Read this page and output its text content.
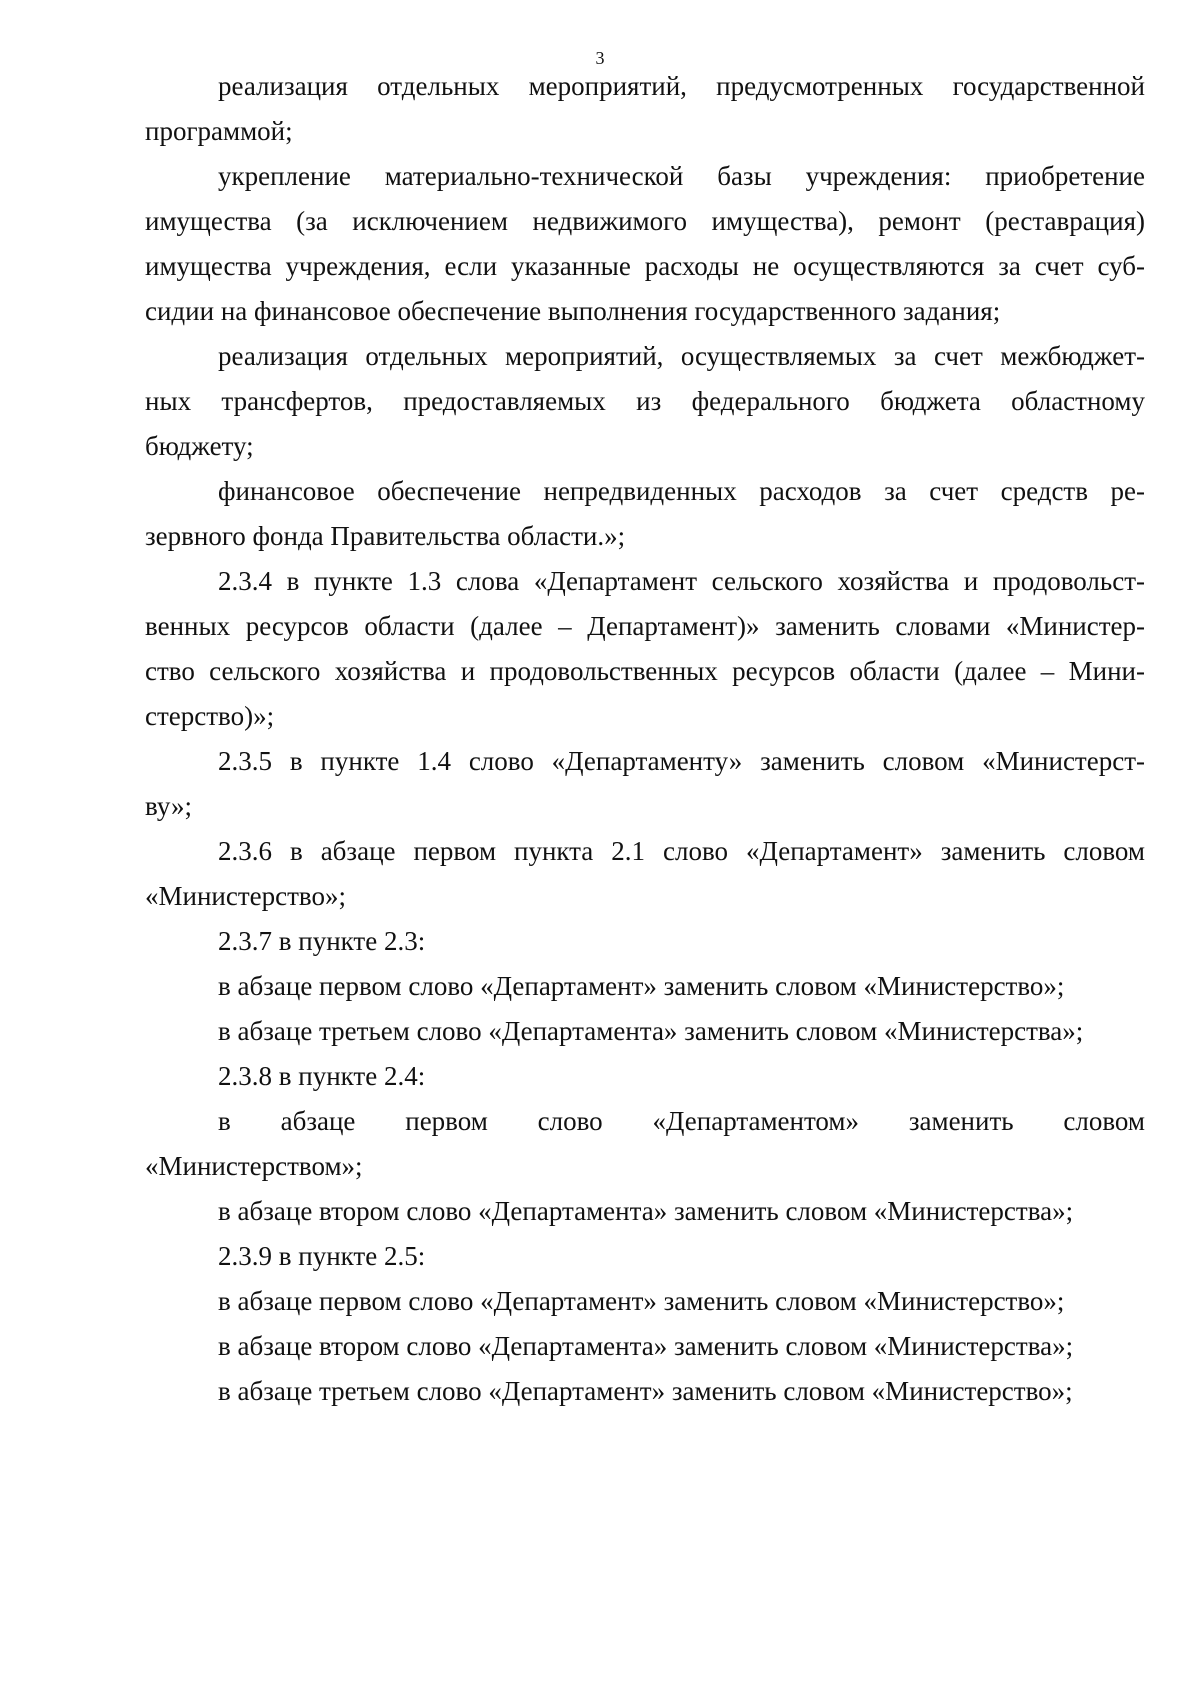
3
реализация отдельных мероприятий, предусмотренных государственной
программой;
укрепление материально-технической базы учреждения: приобретение
имущества (за исключением недвижимого имущества), ремонт (реставрация)
имущества учреждения, если указанные расходы не осуществляются за счет суб-
сидии на финансовое обеспечение выполнения государственного задания;
реализация отдельных мероприятий, осуществляемых за счет межбюджет-
ных трансфертов, предоставляемых из федерального бюджета областному
бюджету;
финансовое обеспечение непредвиденных расходов за счет средств ре-
зервного фонда Правительства области.»;
2.3.4 в пункте 1.3 слова «Департамент сельского хозяйства и продовольст-
венных ресурсов области (далее – Департамент)» заменить словами «Министер-
ство сельского хозяйства и продовольственных ресурсов области (далее – Мини-
стерство)»;
2.3.5 в пункте 1.4 слово «Департаменту» заменить словом «Министерст-
ву»;
2.3.6 в абзаце первом пункта 2.1 слово «Департамент» заменить словом
«Министерство»;
2.3.7 в пункте 2.3:
в абзаце первом слово «Департамент» заменить словом «Министерство»;
в абзаце третьем слово «Департамента» заменить словом «Министерства»;
2.3.8 в пункте 2.4:
в абзаце первом слово «Департаментом» заменить словом
«Министерством»;
в абзаце втором слово «Департамента» заменить словом «Министерства»;
2.3.9 в пункте 2.5:
в абзаце первом слово «Департамент» заменить словом «Министерство»;
в абзаце втором слово «Департамента» заменить словом «Министерства»;
в абзаце третьем слово «Департамент» заменить словом «Министерство»;
